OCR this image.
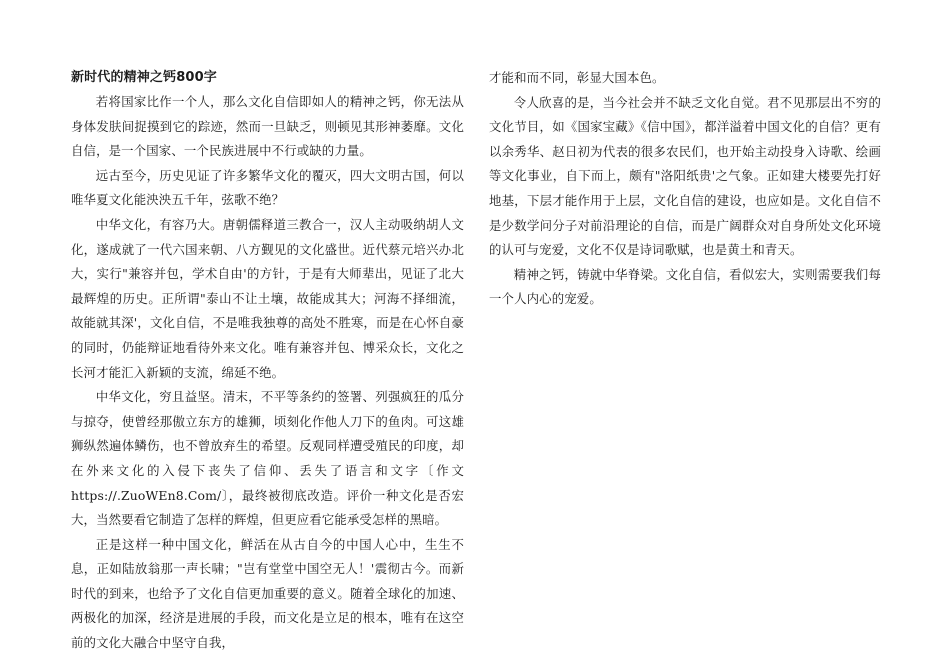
新时代的精神之钙800字

若将国家比作一个人，那么文化自信即如人的精神之钙，你无法从身体发肤间捉摸到它的踪迹，然而一旦缺乏，则顿见其形神萎靡。文化自信，是一个国家、一个民族进展中不行或缺的力量。

远古至今，历史见证了许多繁华文化的覆灭，四大文明古国，何以唯华夏文化能泱泱五千年，弦歌不绝？

中华文化，有容乃大。唐朝儒释道三教合一，汉人主动吸纳胡人文化，遂成就了一代六国来朝、八方觐见的文化盛世。近代蔡元培兴办北大，实行"兼容并包，学术自由'的方针，于是有大师辈出，见证了北大最辉煌的历史。正所谓"泰山不让土壤，故能成其大；河海不择细流，故能就其深'，文化自信，不是唯我独尊的高处不胜寒，而是在心怀自豪的同时，仍能辩证地看待外来文化。唯有兼容并包、博采众长，文化之长河才能汇入新颖的支流，绵延不绝。

中华文化，穷且益坚。清末，不平等条约的签署、列强疯狂的瓜分与掠夺，使曾经那傲立东方的雄狮，顷刻化作他人刀下的鱼肉。可这雄狮纵然遍体鳞伤，也不曾放弃生的希望。反观同样遭受殖民的印度，却在外来文化的入侵下丧失了信仰、丢失了语言和文字〔作文https://.ZuoWEn8.Com/〕，最终被彻底改造。评价一种文化是否宏大，当然要看它制造了怎样的辉煌，但更应看它能承受怎样的黑暗。

正是这样一种中国文化，鲜活在从古自今的中国人心中，生生不息，正如陆放翁那一声长啸；"岂有堂堂中国空无人！'震彻古今。而新时代的到来，也给予了文化自信更加重要的意义。随着全球化的加速、两极化的加深，经济是进展的手段，而文化是立足的根本，唯有在这空前的文化大融合中坚守自我，

才能和而不同，彰显大国本色。

令人欣喜的是，当今社会并不缺乏文化自觉。君不见那层出不穷的文化节目，如《国家宝藏》《信中国》，都洋溢着中国文化的自信？更有以余秀华、赵日初为代表的很多农民们，也开始主动投身入诗歌、绘画等文化事业，自下而上，颇有"洛阳纸贵'之气象。正如建大楼要先打好地基，下层才能作用于上层，文化自信的建设，也应如是。文化自信不是少数学问分子对前沿理论的自信，而是广阔群众对自身所处文化环境的认可与宠爱，文化不仅是诗词歌赋，也是黄土和青天。

精神之钙，铸就中华脊梁。文化自信，看似宏大，实则需要我们每一个人内心的宠爱。
